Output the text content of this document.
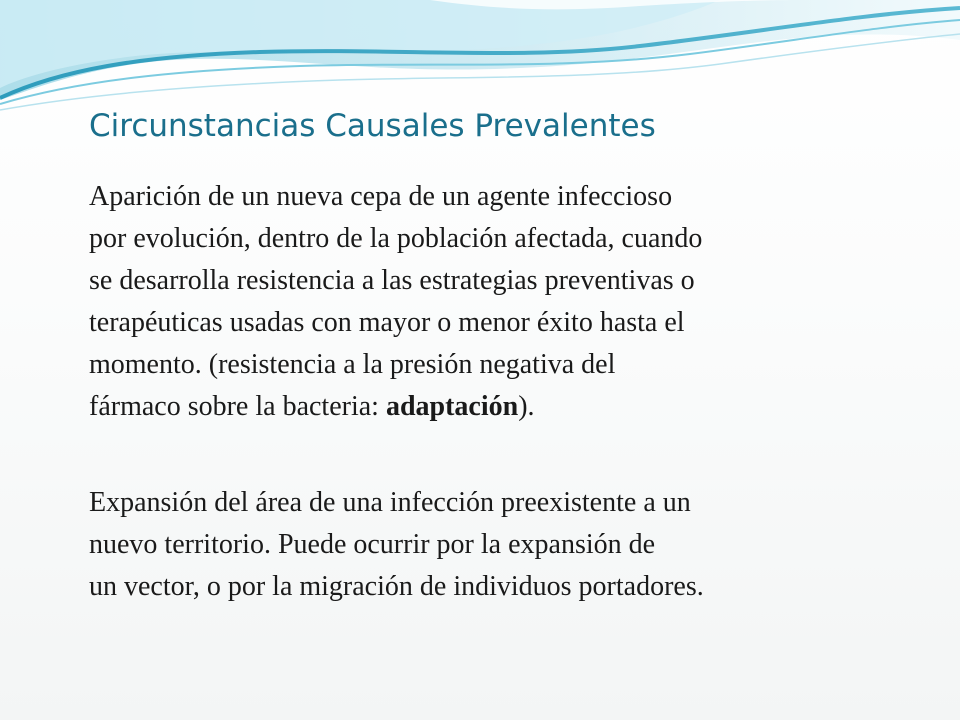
Circunstancias Causales Prevalentes

Aparición de un nueva cepa de un agente infeccioso
por evolución, dentro de la población afectada, cuando
se desarrolla resistencia a las estrategias preventivas o
terapéuticas usadas con mayor o menor éxito hasta el
momento. (resistencia a la presión negativa del
fármaco sobre la bacteria: adaptación).

Expansión del área de una infección preexistente a un
nuevo territorio. Puede ocurrir por la expansión de
un vector, o por la migración de individuos portadores.
